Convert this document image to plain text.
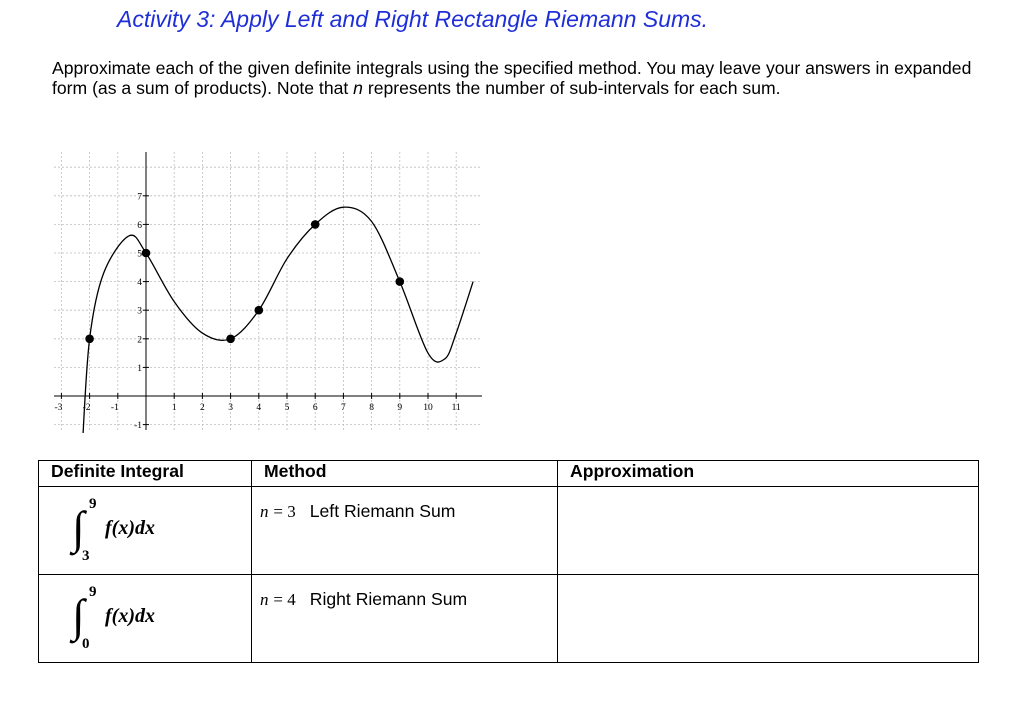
Activity 3: Apply Left and Right Rectangle Riemann Sums.
Approximate each of the given definite integrals using the specified method. You may leave your answers in expanded form (as a sum of products). Note that n represents the number of sub-intervals for each sum.
-3 -2 -1	1 2 3 4 5 6 7 8 9 10 11
-1
1
2
3
4
5
6
7
Definite Integral	Method	Approximation

∫ 9
3
f(x)dx	n = 3 Left Riemann Sum	

∫ 9
0
f(x)dx	n = 4 Right Riemann Sum	
